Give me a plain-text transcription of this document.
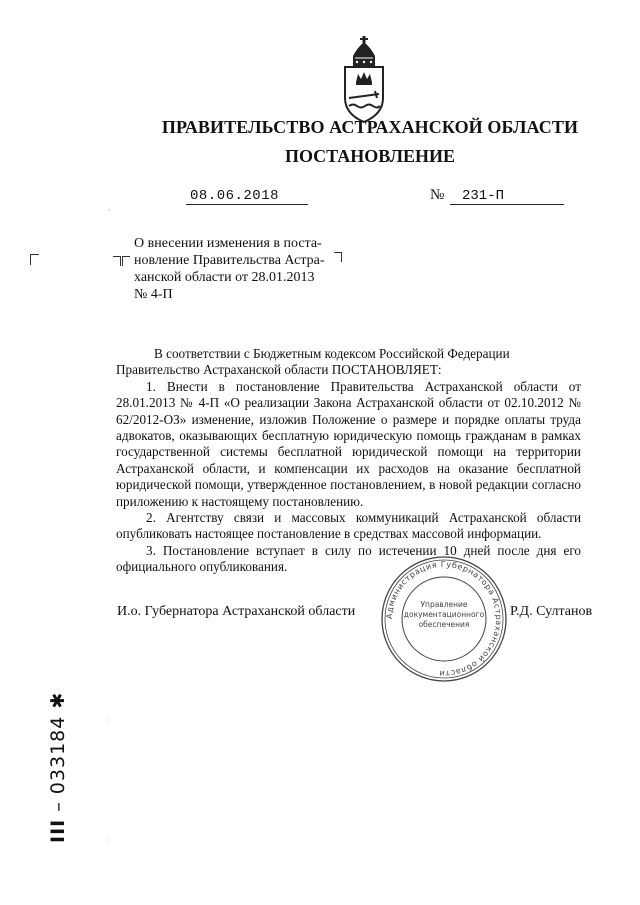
ПРАВИТЕЛЬСТВО АСТРАХАНСКОЙ ОБЛАСТИ
ПОСТАНОВЛЕНИЕ
08.06.2018	№ 231-П
О внесении изменения в поста-
новление Правительства Астра-
ханской области от 28.01.2013
№ 4-П

В соответствии с Бюджетным кодексом Российской Федерации

Правительство Астраханской области ПОСТАНОВЛЯЕТ:

1. Внести в постановление Правительства Астраханской области от 28.01.2013 № 4-П «О реализации Закона Астраханской области от 02.10.2012 № 62/2012-ОЗ» изменение, изложив Положение о размере и порядке оплаты труда адвокатов, оказывающих бесплатную юридическую помощь гражданам в рамках государственной системы бесплатной юридической помощи на территории Астраханской области, и компенсации их расходов на оказание бесплатной юридической помощи, утвержденное постановлением, в новой редакции согласно приложению к настоящему постановлению.

2. Агентству связи и массовых коммуникаций Астраханской области опубликовать настоящее постановление в средствах массовой информации.

3. Постановление вступает в силу по истечении 10 дней после дня его официального опубликования.

И.о. Губернатора Астраханской области	Р.Д. Султанов
Администрация Губернатора Астраханской области
Управление
документационного
обеспечения
ІІІ – 033184 ✱
